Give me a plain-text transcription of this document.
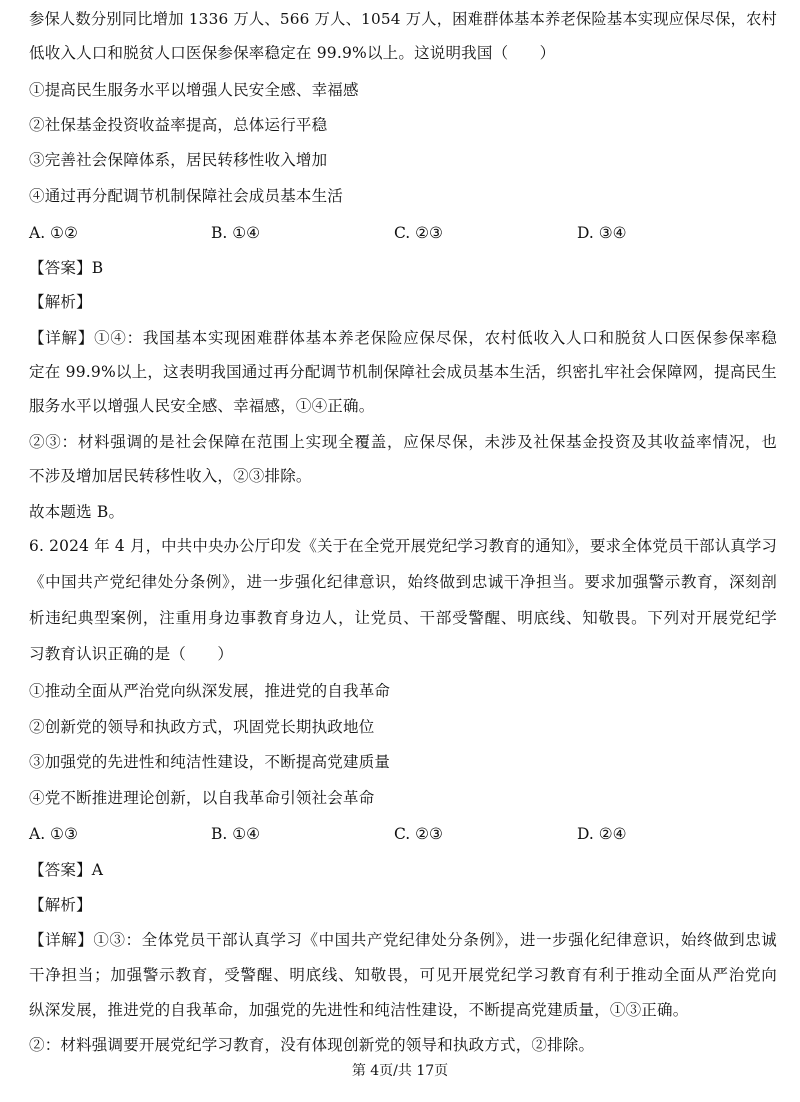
参保人数分别同比增加 1336 万人、566 万人、1054 万人，困难群体基本养老保险基本实现应保尽保，农村
低收入人口和脱贫人口医保参保率稳定在 99.9%以上。这说明我国（　　）
①提高民生服务水平以增强人民安全感、幸福感
②社保基金投资收益率提高，总体运行平稳
③完善社会保障体系，居民转移性收入增加
④通过再分配调节机制保障社会成员基本生活
A. ①②	B. ①④	C. ②③	D. ③④
【答案】B
【解析】
【详解】①④：我国基本实现困难群体基本养老保险应保尽保，农村低收入人口和脱贫人口医保参保率稳
定在 99.9%以上，这表明我国通过再分配调节机制保障社会成员基本生活，织密扎牢社会保障网，提高民生
服务水平以增强人民安全感、幸福感，①④正确。
②③：材料强调的是社会保障在范围上实现全覆盖，应保尽保，未涉及社保基金投资及其收益率情况，也
不涉及增加居民转移性收入，②③排除。
故本题选 B。
6. 2024 年 4 月，中共中央办公厅印发《关于在全党开展党纪学习教育的通知》，要求全体党员干部认真学习
《中国共产党纪律处分条例》，进一步强化纪律意识，始终做到忠诚干净担当。要求加强警示教育，深刻剖
析违纪典型案例，注重用身边事教育身边人，让党员、干部受警醒、明底线、知敬畏。下列对开展党纪学
习教育认识正确的是（　　）
①推动全面从严治党向纵深发展，推进党的自我革命
②创新党的领导和执政方式，巩固党长期执政地位
③加强党的先进性和纯洁性建设，不断提高党建质量
④党不断推进理论创新，以自我革命引领社会革命
A. ①③	B. ①④	C. ②③	D. ②④
【答案】A
【解析】
【详解】①③：全体党员干部认真学习《中国共产党纪律处分条例》，进一步强化纪律意识，始终做到忠诚
干净担当；加强警示教育，受警醒、明底线、知敬畏，可见开展党纪学习教育有利于推动全面从严治党向
纵深发展，推进党的自我革命，加强党的先进性和纯洁性建设，不断提高党建质量，①③正确。
②：材料强调要开展党纪学习教育，没有体现创新党的领导和执政方式，②排除。
第 4页/共 17页
